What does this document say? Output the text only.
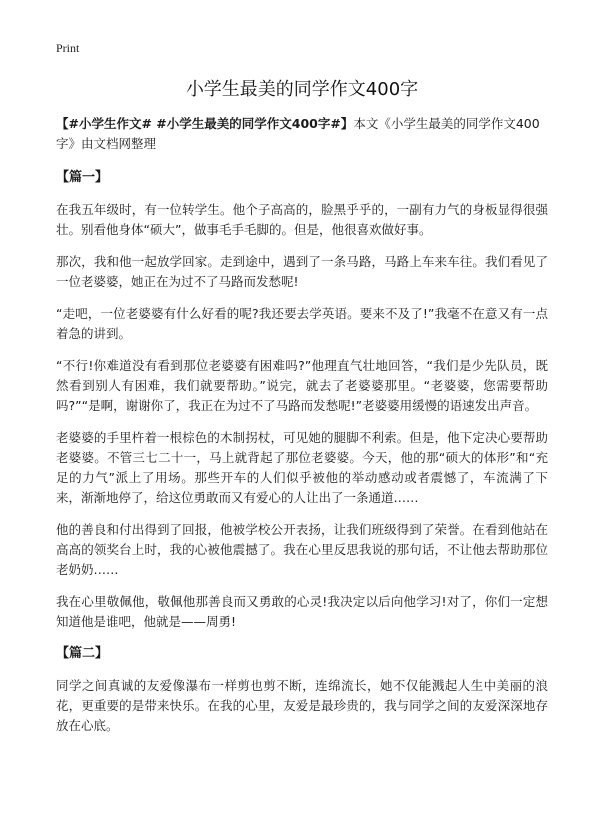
Print
小学生最美的同学作文400字

【#小学生作文# #小学生最美的同学作文400字#】本文《小学生最美的同学作文400字》由文档网整理

【篇一】

在我五年级时，有一位转学生。他个子高高的，脸黑乎乎的，一副有力气的身板显得很强壮。别看他身体“硕大”，做事毛手毛脚的。但是，他很喜欢做好事。

那次，我和他一起放学回家。走到途中，遇到了一条马路，马路上车来车往。我们看见了一位老婆婆，她正在为过不了马路而发愁呢!

“走吧，一位老婆婆有什么好看的呢?我还要去学英语。要来不及了!”我毫不在意又有一点着急的讲到。

“不行!你难道没有看到那位老婆婆有困难吗?”他理直气壮地回答，“我们是少先队员，既然看到别人有困难，我们就要帮助。”说完，就去了老婆婆那里。“老婆婆，您需要帮助吗?”“是啊，谢谢你了，我正在为过不了马路而发愁呢!”老婆婆用缓慢的语速发出声音。

老婆婆的手里杵着一根棕色的木制拐杖，可见她的腿脚不利索。但是，他下定决心要帮助老婆婆。不管三七二十一，马上就背起了那位老婆婆。今天，他的那“硕大的体形”和“充足的力气”派上了用场。那些开车的人们似乎被他的举动感动或者震憾了，车流满了下来，渐渐地停了，给这位勇敢而又有爱心的人让出了一条通道……

他的善良和付出得到了回报，他被学校公开表扬，让我们班级得到了荣誉。在看到他站在高高的领奖台上时，我的心被他震撼了。我在心里反思我说的那句话，不让他去帮助那位老奶奶……

我在心里敬佩他，敬佩他那善良而又勇敢的心灵!我决定以后向他学习!对了，你们一定想知道他是谁吧，他就是——周勇!

【篇二】

同学之间真诚的友爱像瀑布一样剪也剪不断，连绵流长，她不仅能溅起人生中美丽的浪花，更重要的是带来快乐。在我的心里，友爱是最珍贵的，我与同学之间的友爱深深地存放在心底。
